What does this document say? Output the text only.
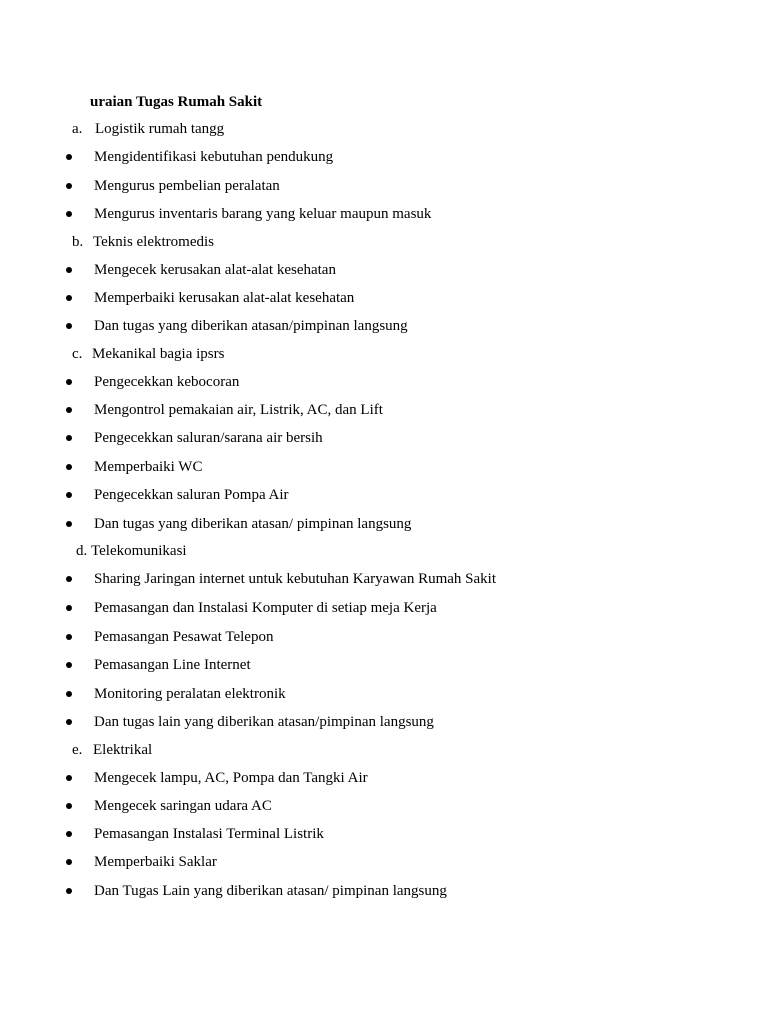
uraian Tugas Rumah Sakit
a. Logistik rumah tangg
Mengidentifikasi kebutuhan pendukung
Mengurus pembelian peralatan
Mengurus inventaris barang yang keluar maupun masuk
b. Teknis elektromedis
Mengecek kerusakan alat-alat kesehatan
Memperbaiki kerusakan alat-alat kesehatan
Dan tugas yang diberikan atasan/pimpinan langsung
c. Mekanikal bagia ipsrs
Pengecekkan kebocoran
Mengontrol pemakaian air, Listrik, AC, dan Lift
Pengecekkan saluran/sarana air bersih
Memperbaiki WC
Pengecekkan saluran Pompa Air
Dan tugas yang diberikan atasan/ pimpinan langsung
d. Telekomunikasi
Sharing Jaringan internet untuk kebutuhan Karyawan Rumah Sakit
Pemasangan dan Instalasi Komputer di setiap meja Kerja
Pemasangan Pesawat Telepon
Pemasangan Line Internet
Monitoring peralatan elektronik
Dan tugas lain yang diberikan atasan/pimpinan langsung
e. Elektrikal
Mengecek lampu, AC, Pompa dan Tangki Air
Mengecek saringan udara AC
Pemasangan Instalasi Terminal Listrik
Memperbaiki Saklar
Dan Tugas Lain yang diberikan atasan/ pimpinan langsung
